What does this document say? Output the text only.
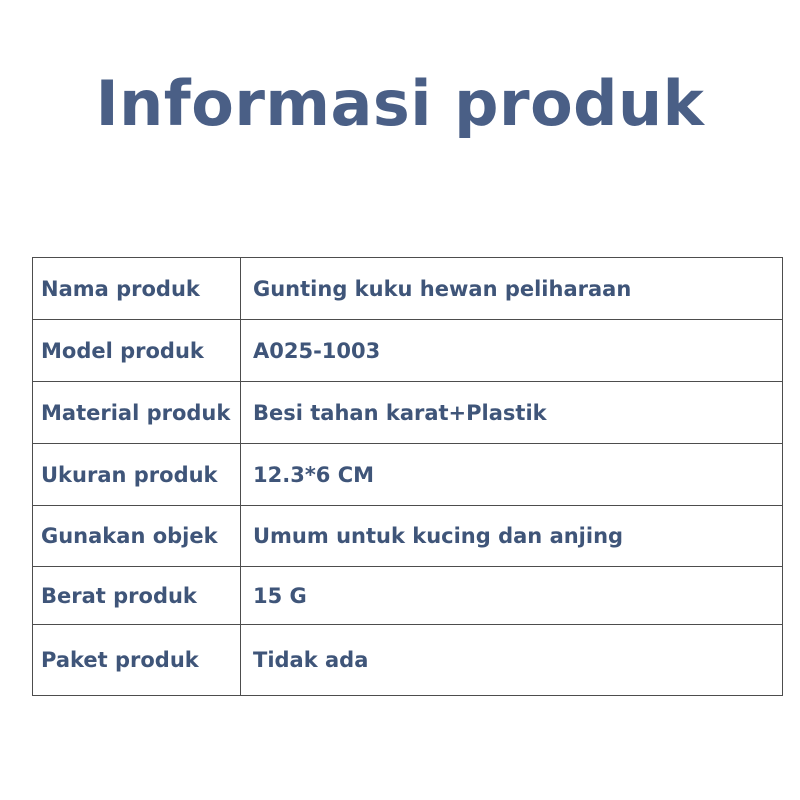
Informasi produk
Nama produk	Gunting kuku hewan peliharaan
Model produk	A025-1003
Material produk	Besi tahan karat+Plastik
Ukuran produk	12.3*6 CM
Gunakan objek	Umum untuk kucing dan anjing
Berat produk	15 G
Paket produk	Tidak ada
